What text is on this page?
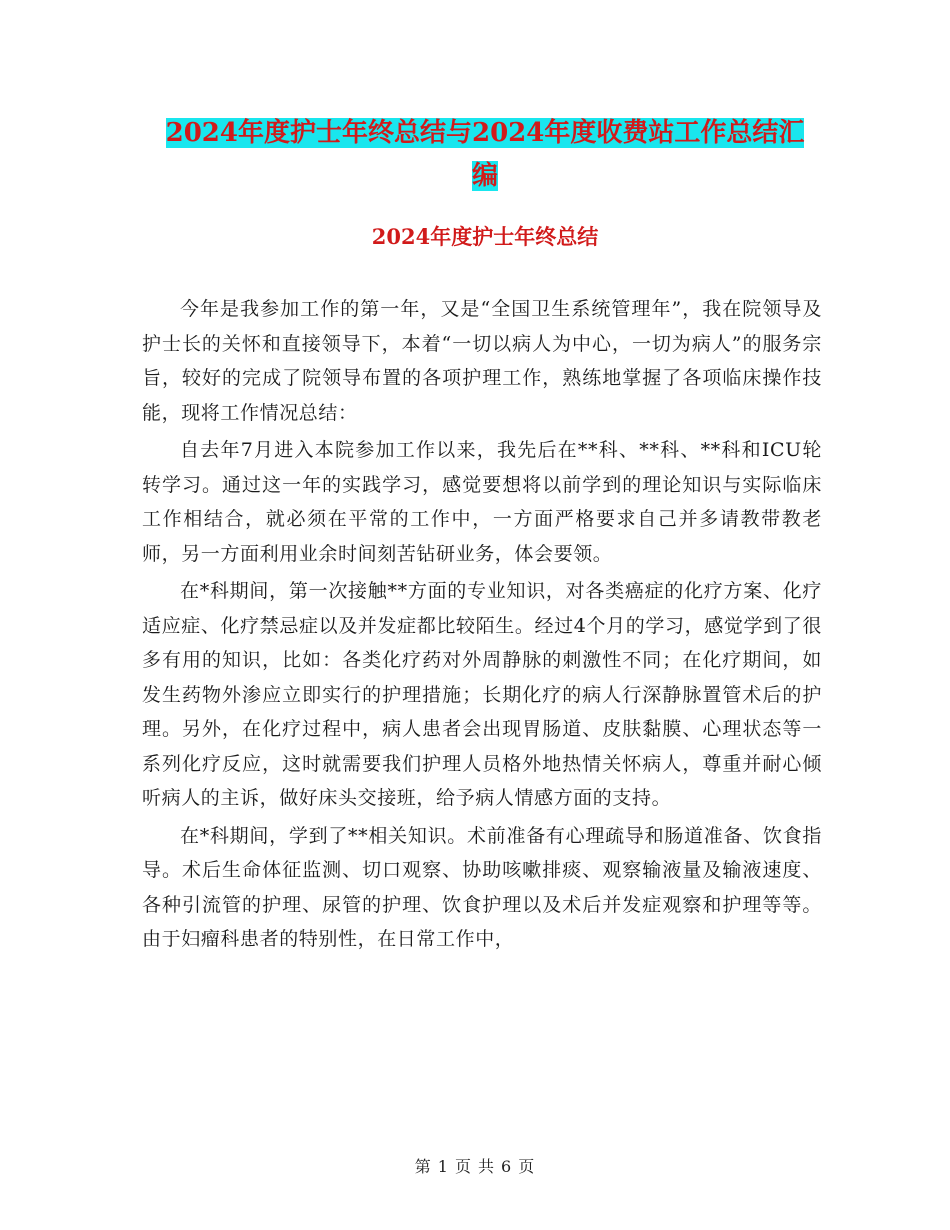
2024年度护士年终总结与2024年度收费站工作总结汇
编
2024年度护士年终总结

今年是我参加工作的第一年，又是“全国卫生系统管理年”，我在院领导及护士长的关怀和直接领导下，本着“一切以病人为中心，一切为病人”的服务宗旨，较好的完成了院领导布置的各项护理工作，熟练地掌握了各项临床操作技能，现将工作情况总结：

自去年7月进入本院参加工作以来，我先后在**科、**科、**科和ICU轮转学习。通过这一年的实践学习，感觉要想将以前学到的理论知识与实际临床工作相结合，就必须在平常的工作中，一方面严格要求自己并多请教带教老师，另一方面利用业余时间刻苦钻研业务，体会要领。

在*科期间，第一次接触**方面的专业知识，对各类癌症的化疗方案、化疗适应症、化疗禁忌症以及并发症都比较陌生。经过4个月的学习，感觉学到了很多有用的知识，比如：各类化疗药对外周静脉的刺激性不同；在化疗期间，如发生药物外渗应立即实行的护理措施；长期化疗的病人行深静脉置管术后的护理。另外，在化疗过程中，病人患者会出现胃肠道、皮肤黏膜、心理状态等一系列化疗反应，这时就需要我们护理人员格外地热情关怀病人，尊重并耐心倾听病人的主诉，做好床头交接班，给予病人情感方面的支持。

在*科期间，学到了**相关知识。术前准备有心理疏导和肠道准备、饮食指导。术后生命体征监测、切口观察、协助咳嗽排痰、观察输液量及输液速度、各种引流管的护理、尿管的护理、饮食护理以及术后并发症观察和护理等等。由于妇瘤科患者的特别性，在日常工作中，

第 1 页 共 6 页
